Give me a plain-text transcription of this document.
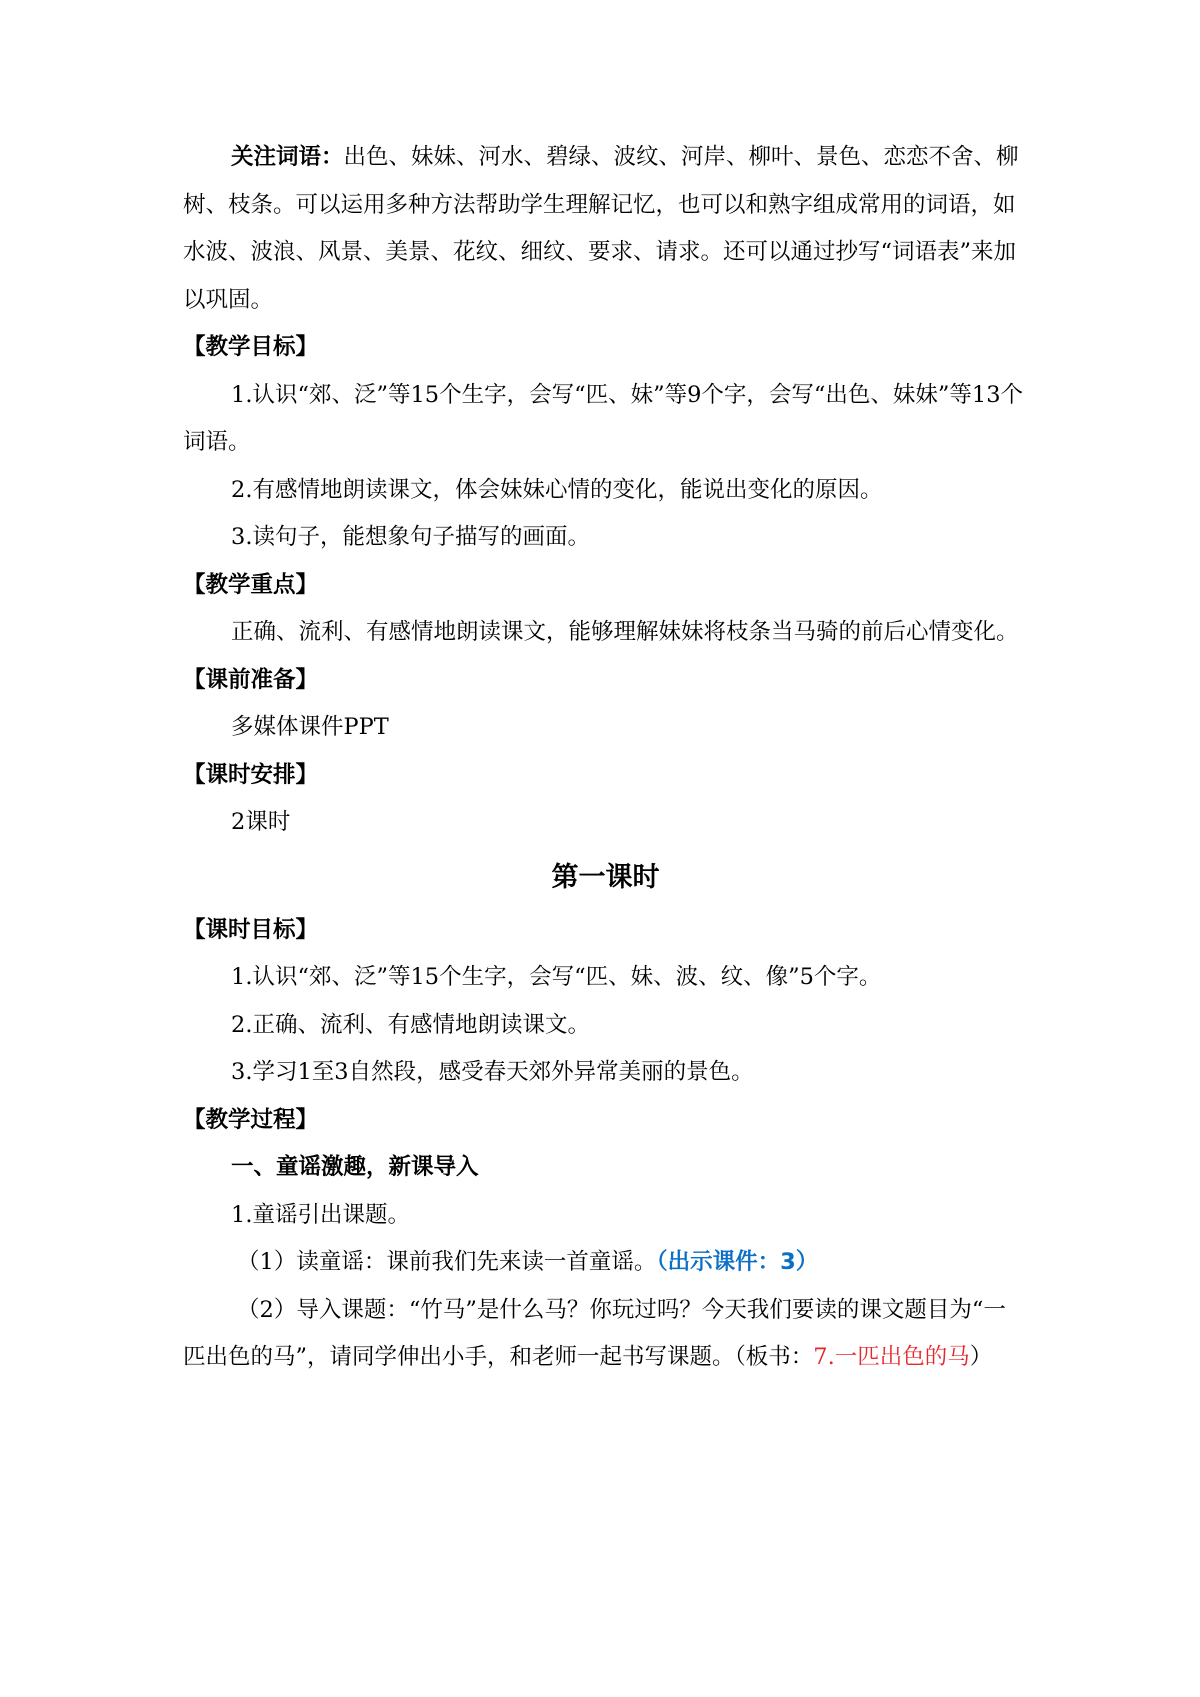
关注词语：出色、妹妹、河水、碧绿、波纹、河岸、柳叶、景色、恋恋不舍、柳树、枝条。可以运用多种方法帮助学生理解记忆，也可以和熟字组成常用的词语，如水波、波浪、风景、美景、花纹、细纹、要求、请求。还可以通过抄写“词语表”来加以巩固。

【教学目标】

1.认识“郊、泛”等15个生字，会写“匹、妹”等9个字，会写“出色、妹妹”等13个词语。

2.有感情地朗读课文，体会妹妹心情的变化，能说出变化的原因。

3.读句子，能想象句子描写的画面。

【教学重点】

正确、流利、有感情地朗读课文，能够理解妹妹将枝条当马骑的前后心情变化。

【课前准备】

多媒体课件PPT

【课时安排】

2课时

第一课时

【课时目标】

1.认识“郊、泛”等15个生字，会写“匹、妹、波、纹、像”5个字。

2.正确、流利、有感情地朗读课文。

3.学习1至3自然段，感受春天郊外异常美丽的景色。

【教学过程】

一、童谣激趣，新课导入

1.童谣引出课题。

（1）读童谣：课前我们先来读一首童谣。（出示课件：3）

（2）导入课题：“竹马”是什么马？你玩过吗？今天我们要读的课文题目为“一匹出色的马”，请同学伸出小手，和老师一起书写课题。（板书：7.一匹出色的马）
